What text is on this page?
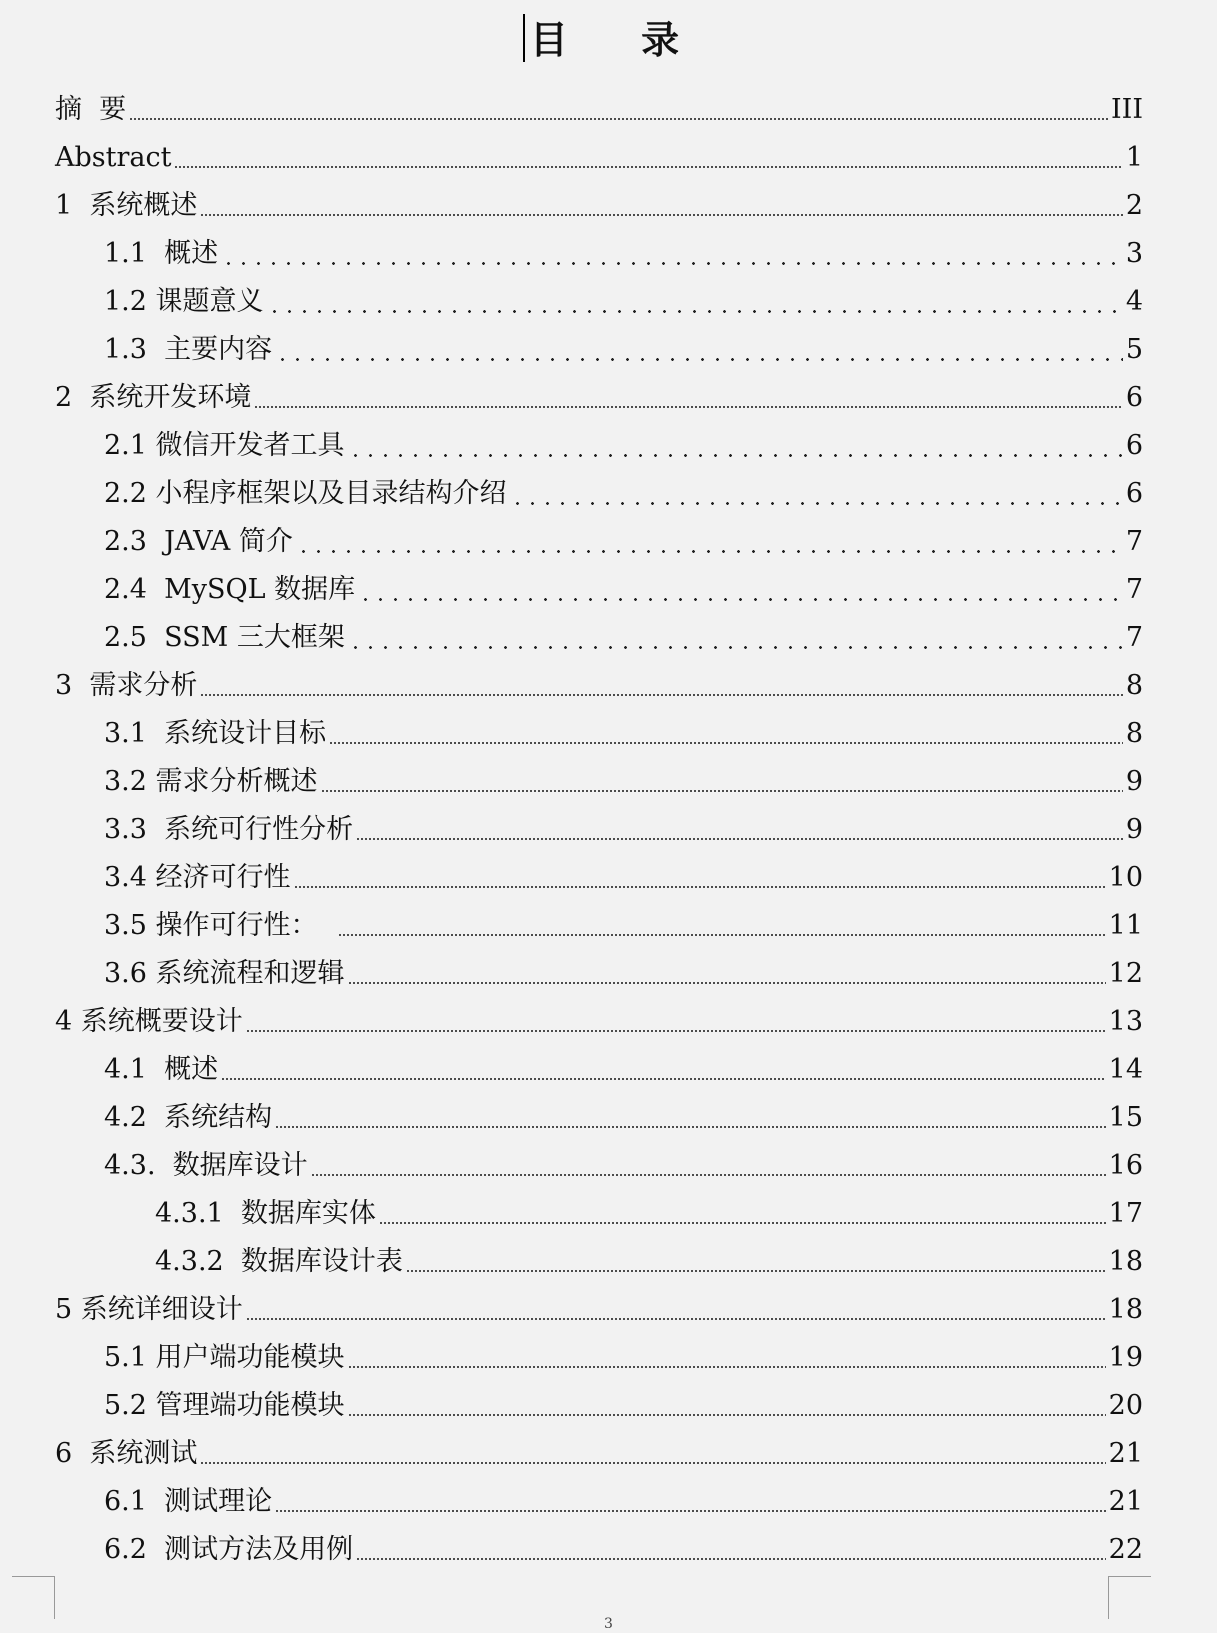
目 录
摘  要	III
Abstract	1
1  系统概述	2
1.1  概述	3
1.2 课题意义	4
1.3  主要内容	5
2  系统开发环境	6
2.1 微信开发者工具	6
2.2 小程序框架以及目录结构介绍	6
2.3  JAVA 简介	7
2.4  MySQL 数据库	7
2.5  SSM 三大框架	7
3  需求分析	8
3.1  系统设计目标	8
3.2 需求分析概述	9
3.3  系统可行性分析	9
3.4 经济可行性	10
3.5 操作可行性：	11
3.6 系统流程和逻辑	12
4 系统概要设计	13
4.1  概述	14
4.2  系统结构	15
4.3.  数据库设计	16
4.3.1  数据库实体	17
4.3.2  数据库设计表	18
5 系统详细设计	18
5.1 用户端功能模块	19
5.2 管理端功能模块	20
6  系统测试	21
6.1  测试理论	21
6.2  测试方法及用例	22
3
